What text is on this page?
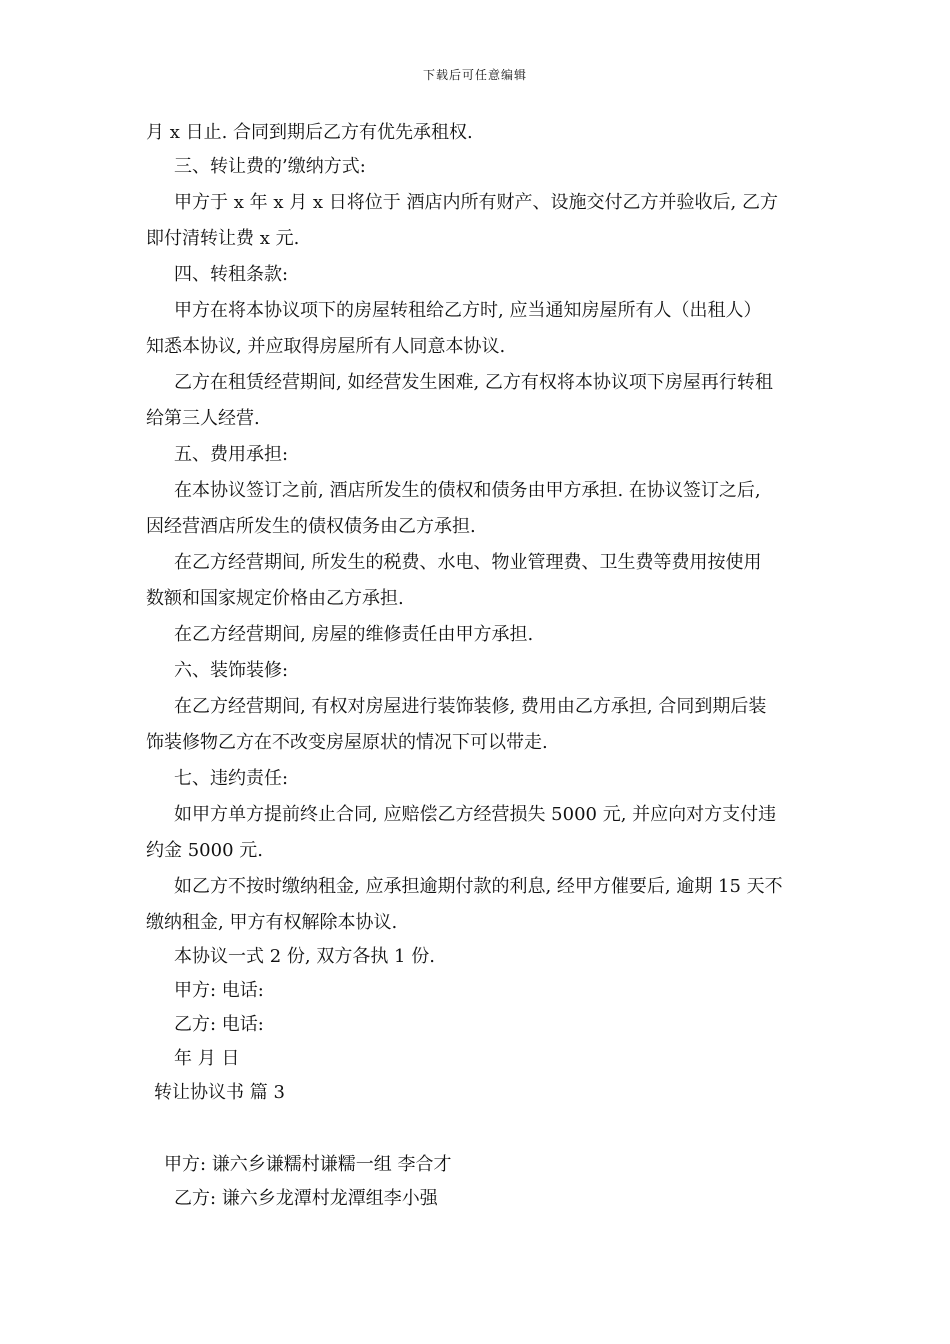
下载后可任意编辑
月 x 日止. 合同到期后乙方有优先承租权.
三、转让费的’缴纳方式:
甲方于 x 年 x 月 x 日将位于 酒店内所有财产、设施交付乙方并验收后, 乙方
即付清转让费 x 元.
四、转租条款:
甲方在将本协议项下的房屋转租给乙方时, 应当通知房屋所有人（出租人）
知悉本协议, 并应取得房屋所有人同意本协议.
乙方在租赁经营期间, 如经营发生困难, 乙方有权将本协议项下房屋再行转租
给第三人经营.
五、费用承担:
在本协议签订之前, 酒店所发生的债权和债务由甲方承担. 在协议签订之后,
因经营酒店所发生的债权债务由乙方承担.
在乙方经营期间, 所发生的税费、水电、物业管理费、卫生费等费用按使用
数额和国家规定价格由乙方承担.
在乙方经营期间, 房屋的维修责任由甲方承担.
六、装饰装修:
在乙方经营期间, 有权对房屋进行装饰装修, 费用由乙方承担, 合同到期后装
饰装修物乙方在不改变房屋原状的情况下可以带走.
七、违约责任:
如甲方单方提前终止合同, 应赔偿乙方经营损失 5000 元, 并应向对方支付违
约金 5000 元.
如乙方不按时缴纳租金, 应承担逾期付款的利息, 经甲方催要后, 逾期 15 天不
缴纳租金, 甲方有权解除本协议.
本协议一式 2 份, 双方各执 1 份.
甲方: 电话:
乙方: 电话:
年 月 日
转让协议书 篇 3
甲方: 谦六乡谦糯村谦糯一组 李合才
乙方: 谦六乡龙潭村龙潭组李小强
